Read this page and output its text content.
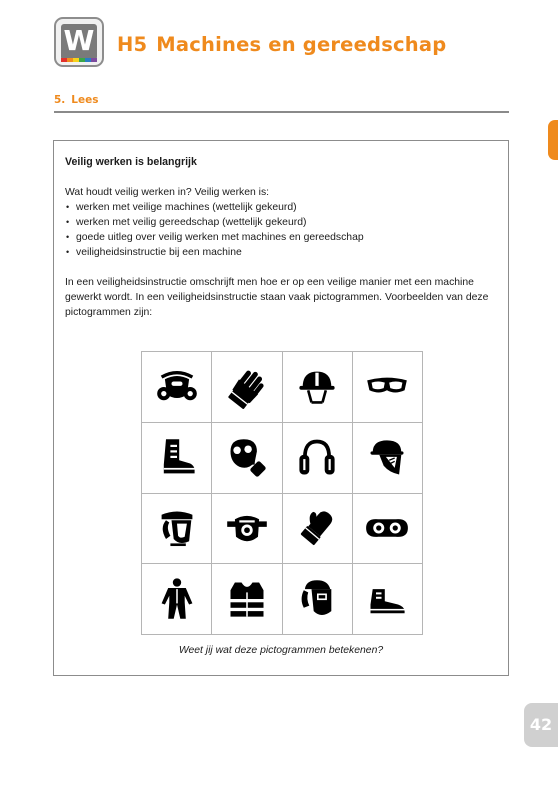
W H5 Machines en gereedschap
5. Lees

Veilig werken is belangrijk

Wat houdt veilig werken in? Veilig werken is:

• werken met veilige machines (wettelijk gekeurd)
• werken met veilig gereedschap (wettelijk gekeurd)
• goede uitleg over veilig werken met machines en gereedschap
• veiligheidsinstructie bij een machine

In een veiligheidsinstructie omschrijft men hoe er op een veilige manier met een machine gewerkt wordt. In een veiligheidsinstructie staan vaak pictogrammen. Voorbeelden van deze pictogrammen zijn:

Weet jij wat deze pictogrammen betekenen?

42
